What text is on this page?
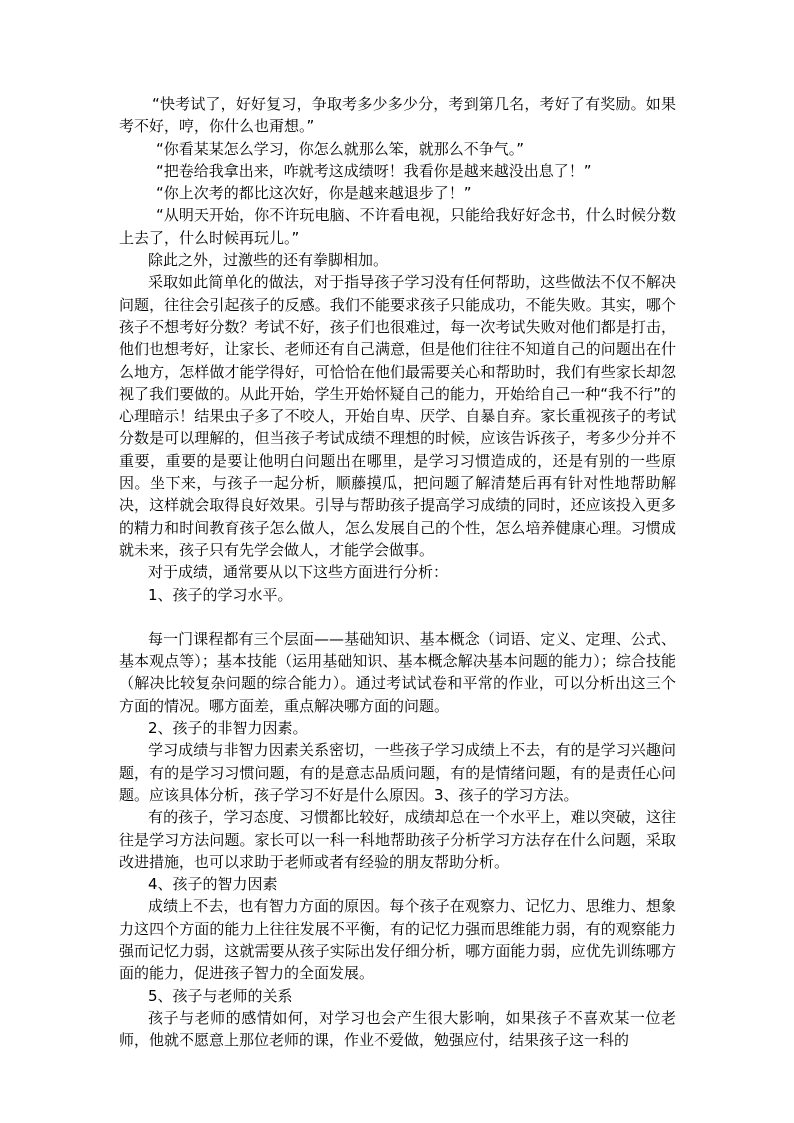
“快考试了，好好复习，争取考多少多少分，考到第几名，考好了有奖励。如果考不好，哼，你什么也甭想。”

“你看某某怎么学习，你怎么就那么笨，就那么不争气。”

“把卷给我拿出来，咋就考这成绩呀！我看你是越来越没出息了！”

“你上次考的都比这次好，你是越来越退步了！”

“从明天开始，你不许玩电脑、不许看电视，只能给我好好念书，什么时候分数上去了，什么时候再玩儿。”

除此之外，过激些的还有拳脚相加。

采取如此简单化的做法，对于指导孩子学习没有任何帮助，这些做法不仅不解决问题，往往会引起孩子的反感。我们不能要求孩子只能成功，不能失败。其实，哪个孩子不想考好分数？考试不好，孩子们也很难过，每一次考试失败对他们都是打击，他们也想考好，让家长、老师还有自己满意，但是他们往往不知道自己的问题出在什么地方，怎样做才能学得好，可恰恰在他们最需要关心和帮助时，我们有些家长却忽视了我们要做的。从此开始，学生开始怀疑自己的能力，开始给自己一种“我不行”的心理暗示！结果虫子多了不咬人，开始自卑、厌学、自暴自弃。家长重视孩子的考试分数是可以理解的，但当孩子考试成绩不理想的时候，应该告诉孩子，考多少分并不重要，重要的是要让他明白问题出在哪里，是学习习惯造成的，还是有别的一些原因。坐下来，与孩子一起分析，顺藤摸瓜，把问题了解清楚后再有针对性地帮助解决，这样就会取得良好效果。引导与帮助孩子提高学习成绩的同时，还应该投入更多的精力和时间教育孩子怎么做人，怎么发展自己的个性，怎么培养健康心理。习惯成就未来，孩子只有先学会做人，才能学会做事。

对于成绩，通常要从以下这些方面进行分析：

1、孩子的学习水平。

每一门课程都有三个层面——基础知识、基本概念（词语、定义、定理、公式、基本观点等）；基本技能（运用基础知识、基本概念解决基本问题的能力）；综合技能（解决比较复杂问题的综合能力）。通过考试试卷和平常的作业，可以分析出这三个方面的情况。哪方面差，重点解决哪方面的问题。

2、孩子的非智力因素。

学习成绩与非智力因素关系密切，一些孩子学习成绩上不去，有的是学习兴趣问题，有的是学习习惯问题，有的是意志品质问题，有的是情绪问题，有的是责任心问题。应该具体分析，孩子学习不好是什么原因。3、孩子的学习方法。

有的孩子，学习态度、习惯都比较好，成绩却总在一个水平上，难以突破，这往往是学习方法问题。家长可以一科一科地帮助孩子分析学习方法存在什么问题，采取改进措施，也可以求助于老师或者有经验的朋友帮助分析。

4、孩子的智力因素

成绩上不去，也有智力方面的原因。每个孩子在观察力、记忆力、思维力、想象力这四个方面的能力上往往发展不平衡，有的记忆力强而思维能力弱，有的观察能力强而记忆力弱，这就需要从孩子实际出发仔细分析，哪方面能力弱，应优先训练哪方面的能力，促进孩子智力的全面发展。

5、孩子与老师的关系

孩子与老师的感情如何，对学习也会产生很大影响，如果孩子不喜欢某一位老师，他就不愿意上那位老师的课，作业不爱做，勉强应付，结果孩子这一科的
